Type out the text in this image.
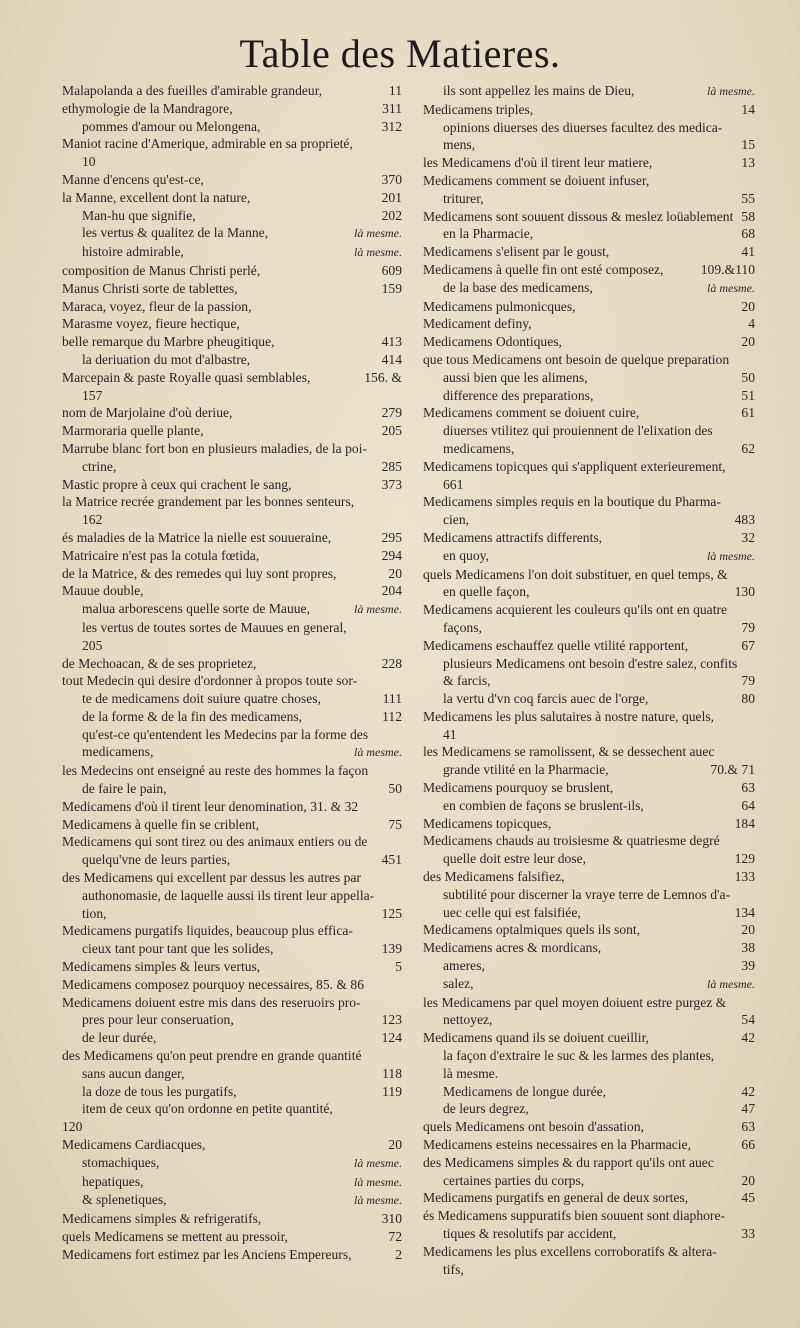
Table des Matieres.
Malapolanda a des fueilles d'amirable grandeur,	11
ethymologie de la Mandragore,	311
pommes d'amour ou Melongena,	312
Maniot racine d'Amerique, admirable en sa proprieté,
10
Manne d'encens qu'est-ce,	370
la Manne, excellent dont la nature,	201
Man-hu que signifie,	202
les vertus & qualitez de la Manne,	là mesme.
histoire admirable,	là mesme.
composition de Manus Christi perlé,	609
Manus Christi sorte de tablettes,	159
Maraca, voyez, fleur de la passion,
Marasme voyez, fieure hectique,
belle remarque du Marbre pheugitique,	413
la deriuation du mot d'albastre,	414
Marcepain & paste Royalle quasi semblables,	156. &
157
nom de Marjolaine d'où deriue,	279
Marmoraria quelle plante,	205
Marrube blanc fort bon en plusieurs maladies, de la poi-
ctrine,	285
Mastic propre à ceux qui crachent le sang,	373
la Matrice recrée grandement par les bonnes senteurs,
162
és maladies de la Matrice la nielle est souueraine,	295
Matricaire n'est pas la cotula fœtida,	294
de la Matrice, & des remedes qui luy sont propres,	20
Mauue double,	204
malua arborescens quelle sorte de Mauue,	là mesme.
les vertus de toutes sortes de Mauues en general,
205
de Mechoacan, & de ses proprietez,	228
tout Medecin qui desire d'ordonner à propos toute sor-
te de medicamens doit suiure quatre choses,	111
de la forme & de la fin des medicamens,	112
qu'est-ce qu'entendent les Medecins par la forme des
medicamens,	là mesme.
les Medecins ont enseigné au reste des hommes la façon
de faire le pain,	50
Medicamens d'où il tirent leur denomination, 31. & 32
Medicamens à quelle fin se criblent,	75
Medicamens qui sont tirez ou des animaux entiers ou de
quelqu'vne de leurs parties,	451
des Medicamens qui excellent par dessus les autres par
authonomasie, de laquelle aussi ils tirent leur appella-
tion,	125
Medicamens purgatifs liquides, beaucoup plus effica-
cieux tant pour tant que les solides,	139
Medicamens simples & leurs vertus,	5
Medicamens composez pourquoy necessaires, 85. & 86
Medicamens doiuent estre mis dans des reseruoirs pro-
pres pour leur conseruation,	123
de leur durée,	124
des Medicamens qu'on peut prendre en grande quantité
sans aucun danger,	118
la doze de tous les purgatifs,	119
item de ceux qu'on ordonne en petite quantité,
120
Medicamens Cardiacques,	20
stomachiques,	là mesme.
hepatiques,	là mesme.
& splenetiques,	là mesme.
Medicamens simples & refrigeratifs,	310
quels Medicamens se mettent au pressoir,	72
Medicamens fort estimez par les Anciens Empereurs,	2
ils sont appellez les mains de Dieu,	là mesme.
Medicamens triples,	14
opinions diuerses des diuerses facultez des medica-
mens,	15
les Medicamens d'où il tirent leur matiere,	13
Medicamens comment se doiuent infuser,
triturer,	55
Medicamens sont souuent dissous & meslez loüablement 58
en la Pharmacie,	68
Medicamens s'elisent par le goust,	41
Medicamens à quelle fin ont esté composez,	109.&110
de la base des medicamens,	là mesme.
Medicamens pulmonicques,	20
Medicament definy,	4
Medicamens Odontiques,	20
que tous Medicamens ont besoin de quelque preparation
aussi bien que les alimens,	50
difference des preparations,	51
Medicamens comment se doiuent cuire,	61
diuerses vtilitez qui prouiennent de l'elixation des
medicamens,	62
Medicamens topicques qui s'appliquent exterieurement,
661
Medicamens simples requis en la boutique du Pharma-
cien,	483
Medicamens attractifs differents,	32
en quoy,	là mesme.
quels Medicamens l'on doit substituer, en quel temps, &
en quelle façon,	130
Medicamens acquierent les couleurs qu'ils ont en quatre
façons,	79
Medicamens eschauffez quelle vtilité rapportent,	67
plusieurs Medicamens ont besoin d'estre salez, confits
& farcis,	79
la vertu d'vn coq farcis auec de l'orge,	80
Medicamens les plus salutaires à nostre nature, quels,
41
les Medicamens se ramolissent, & se dessechent auec
grande vtilité en la Pharmacie,	70.& 71
Medicamens pourquoy se bruslent,	63
en combien de façons se bruslent-ils,	64
Medicamens topicques,	184
Medicamens chauds au troisiesme & quatriesme degré
quelle doit estre leur dose,	129
des Medicamens falsifiez,	133
subtilité pour discerner la vraye terre de Lemnos d'a-
uec celle qui est falsifiée,	134
Medicamens optalmiques quels ils sont,	20
Medicamens acres & mordicans,	38
ameres,	39
salez,	là mesme.
les Medicamens par quel moyen doiuent estre purgez &
nettoyez,	54
Medicamens quand ils se doiuent cueillir,	42
la façon d'extraire le suc & les larmes des plantes,
là mesme.
Medicamens de longue durée,	42
de leurs degrez,	47
quels Medicamens ont besoin d'assation,	63
Medicamens esteins necessaires en la Pharmacie,	66
des Medicamens simples & du rapport qu'ils ont auec
certaines parties du corps,	20
Medicamens purgatifs en general de deux sortes,	45
és Medicamens suppuratifs bien souuent sont diaphore-
tiques & resolutifs par accident,	33
Medicamens les plus excellens corroboratifs & altera-
tifs,
